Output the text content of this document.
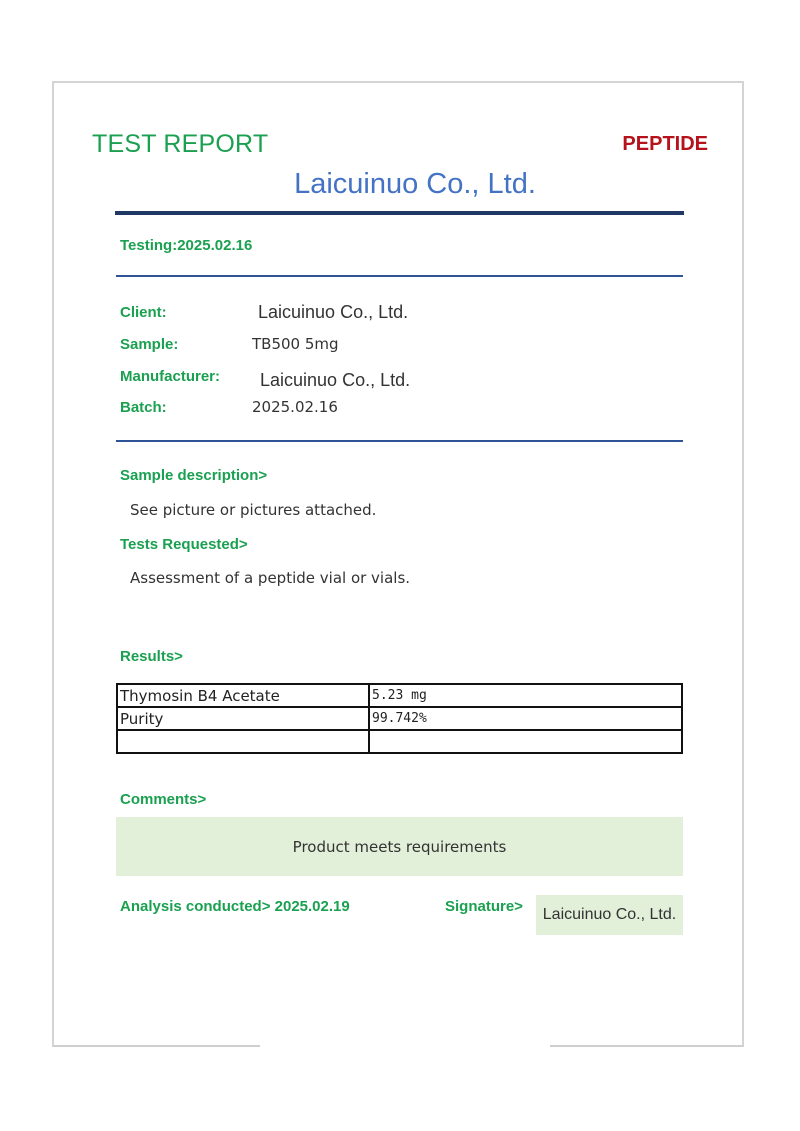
TEST REPORT	PEPTIDE
Laicuinuo Co., Ltd.
Testing:2025.02.16
Client:	Laicuinuo Co., Ltd.
Sample:	TB500 5mg
Manufacturer: Laicuinuo Co., Ltd.
Batch:	2025.02.16
Sample description>
See picture or pictures attached.
Tests Requested>
Assessment of a peptide vial or vials.
Results>
Thymosin B4 Acetate	5.23 mg
Purity	99.742%

Comments>
Product meets requirements
Analysis conducted> 2025.02.19	Signature> Laicuinuo Co., Ltd.
